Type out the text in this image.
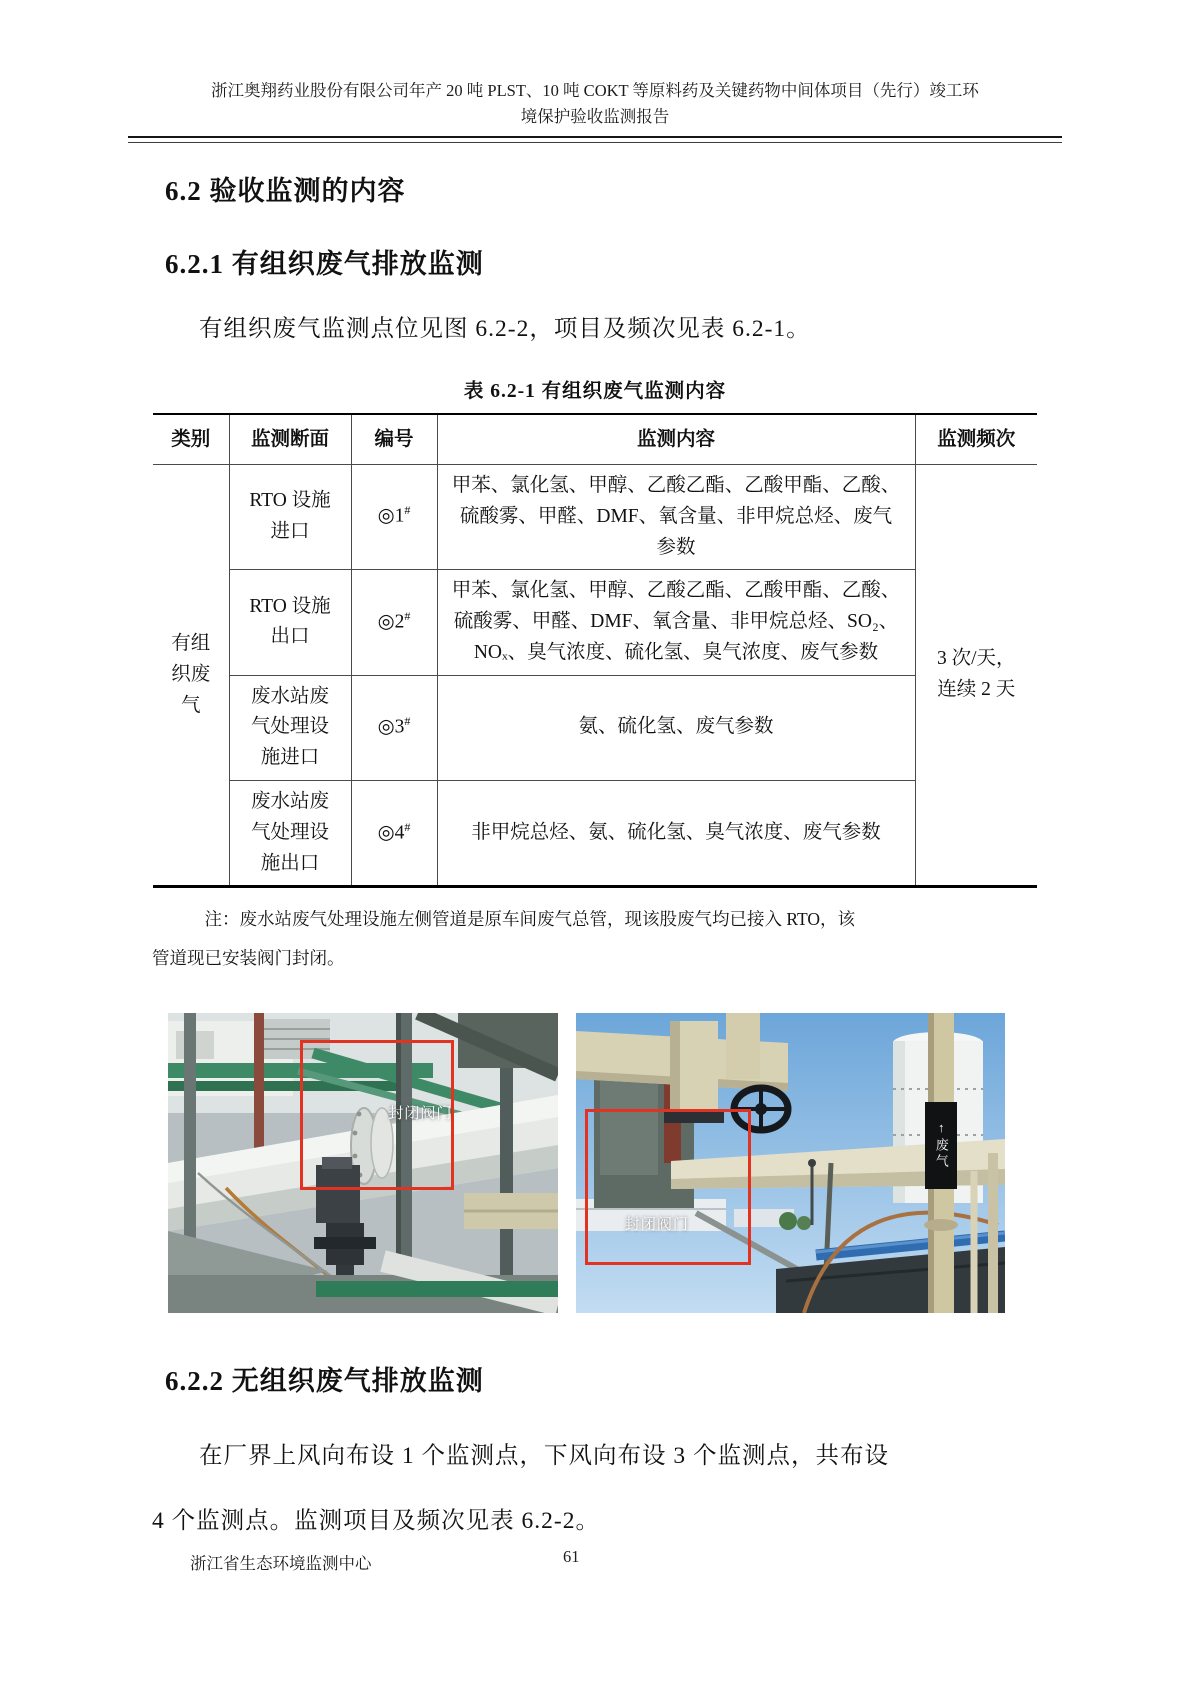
浙江奥翔药业股份有限公司年产 20 吨 PLST、10 吨 COKT 等原料药及关键药物中间体项目（先行）竣工环
境保护验收监测报告
6.2 验收监测的内容
6.2.1 有组织废气排放监测
有组织废气监测点位见图 6.2-2，项目及频次见表 6.2-1。
表 6.2-1 有组织废气监测内容
类别	监测断面	编号	监测内容	监测频次
有组织废气	RTO 设施进口	◎1#	甲苯、氯化氢、甲醇、乙酸乙酯、乙酸甲酯、乙酸、硫酸雾、甲醛、DMF、氧含量、非甲烷总烃、废气参数	3 次/天，连续 2 天
	RTO 设施出口	◎2#	甲苯、氯化氢、甲醇、乙酸乙酯、乙酸甲酯、乙酸、硫酸雾、甲醛、DMF、氧含量、非甲烷总烃、SO₂、NOₓ、臭气浓度、硫化氢、臭气浓度、废气参数	
	废水站废气处理设施进口	◎3#	氨、硫化氢、废气参数	
	废水站废气处理设施出口	◎4#	非甲烷总烃、氨、硫化氢、臭气浓度、废气参数	
注：废水站废气处理设施左侧管道是原车间废气总管，现该股废气均已接入 RTO，该
管道现已安装阀门封闭。
封闭阀门
↑废气
封闭阀门
6.2.2 无组织废气排放监测
在厂界上风向布设 1 个监测点，下风向布设 3 个监测点，共布设
4 个监测点。监测项目及频次见表 6.2-2。
浙江省生态环境监测中心	61
